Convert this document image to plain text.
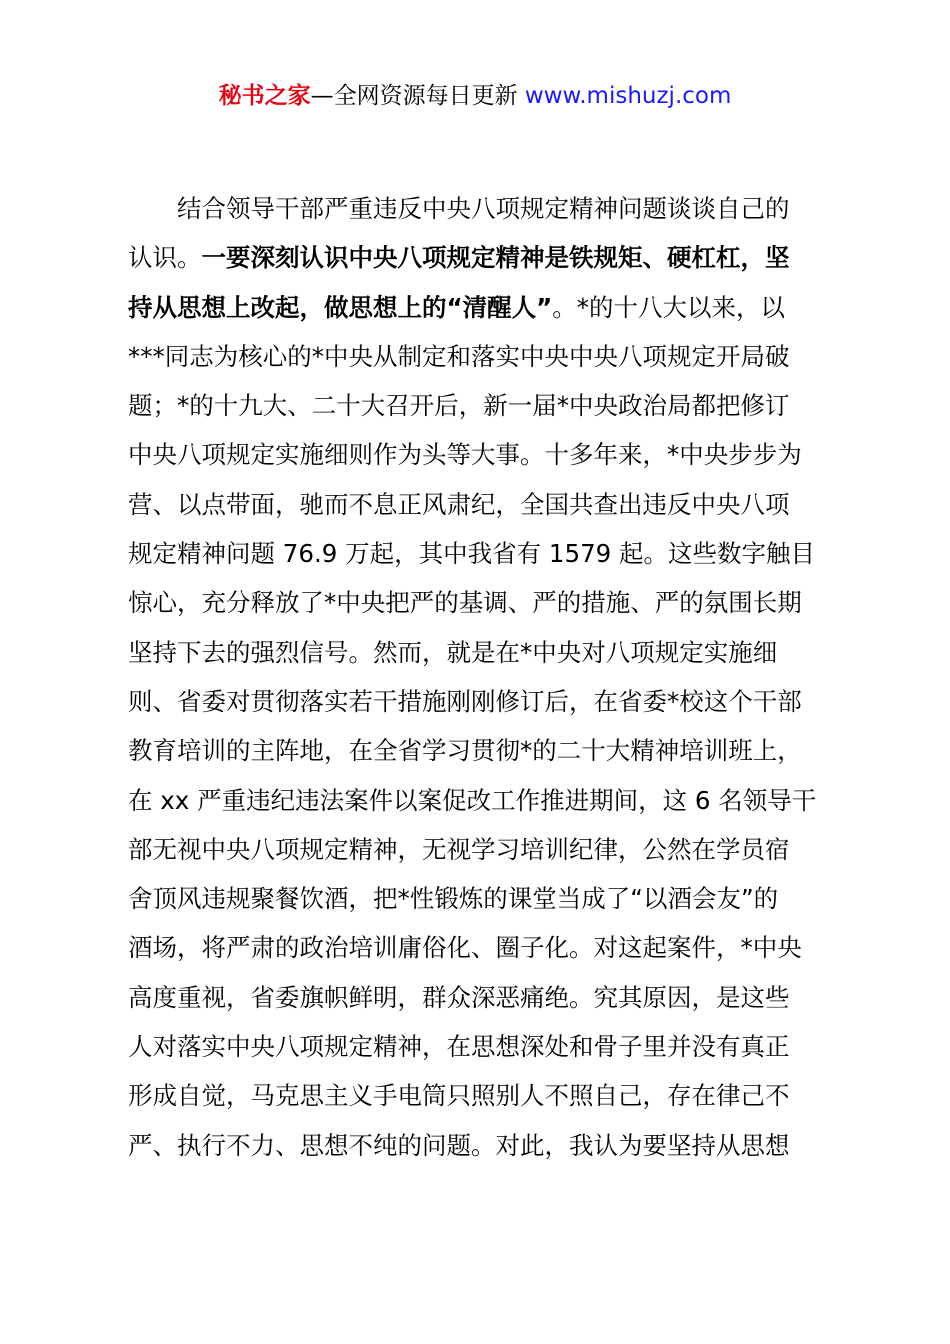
秘书之家—全网资源每日更新 www.mishuzj.com
结合领导干部严重违反中央八项规定精神问题谈谈自己的
认识。一要深刻认识中央八项规定精神是铁规矩、硬杠杠，坚
持从思想上改起，做思想上的“清醒人”。*的十八大以来，以
***同志为核心的*中央从制定和落实中央中央八项规定开局破
题；*的十九大、二十大召开后，新一届*中央政治局都把修订
中央八项规定实施细则作为头等大事。十多年来，*中央步步为
营、以点带面，驰而不息正风肃纪，全国共查出违反中央八项
规定精神问题 76.9 万起，其中我省有 1579 起。这些数字触目
惊心，充分释放了*中央把严的基调、严的措施、严的氛围长期
坚持下去的强烈信号。然而，就是在*中央对八项规定实施细
则、省委对贯彻落实若干措施刚刚修订后，在省委*校这个干部
教育培训的主阵地，在全省学习贯彻*的二十大精神培训班上，
在 xx 严重违纪违法案件以案促改工作推进期间，这 6 名领导干
部无视中央八项规定精神，无视学习培训纪律，公然在学员宿
舍顶风违规聚餐饮酒，把*性锻炼的课堂当成了“以酒会友”的
酒场，将严肃的政治培训庸俗化、圈子化。对这起案件，*中央
高度重视，省委旗帜鲜明，群众深恶痛绝。究其原因，是这些
人对落实中央八项规定精神，在思想深处和骨子里并没有真正
形成自觉，马克思主义手电筒只照别人不照自己，存在律己不
严、执行不力、思想不纯的问题。对此，我认为要坚持从思想
